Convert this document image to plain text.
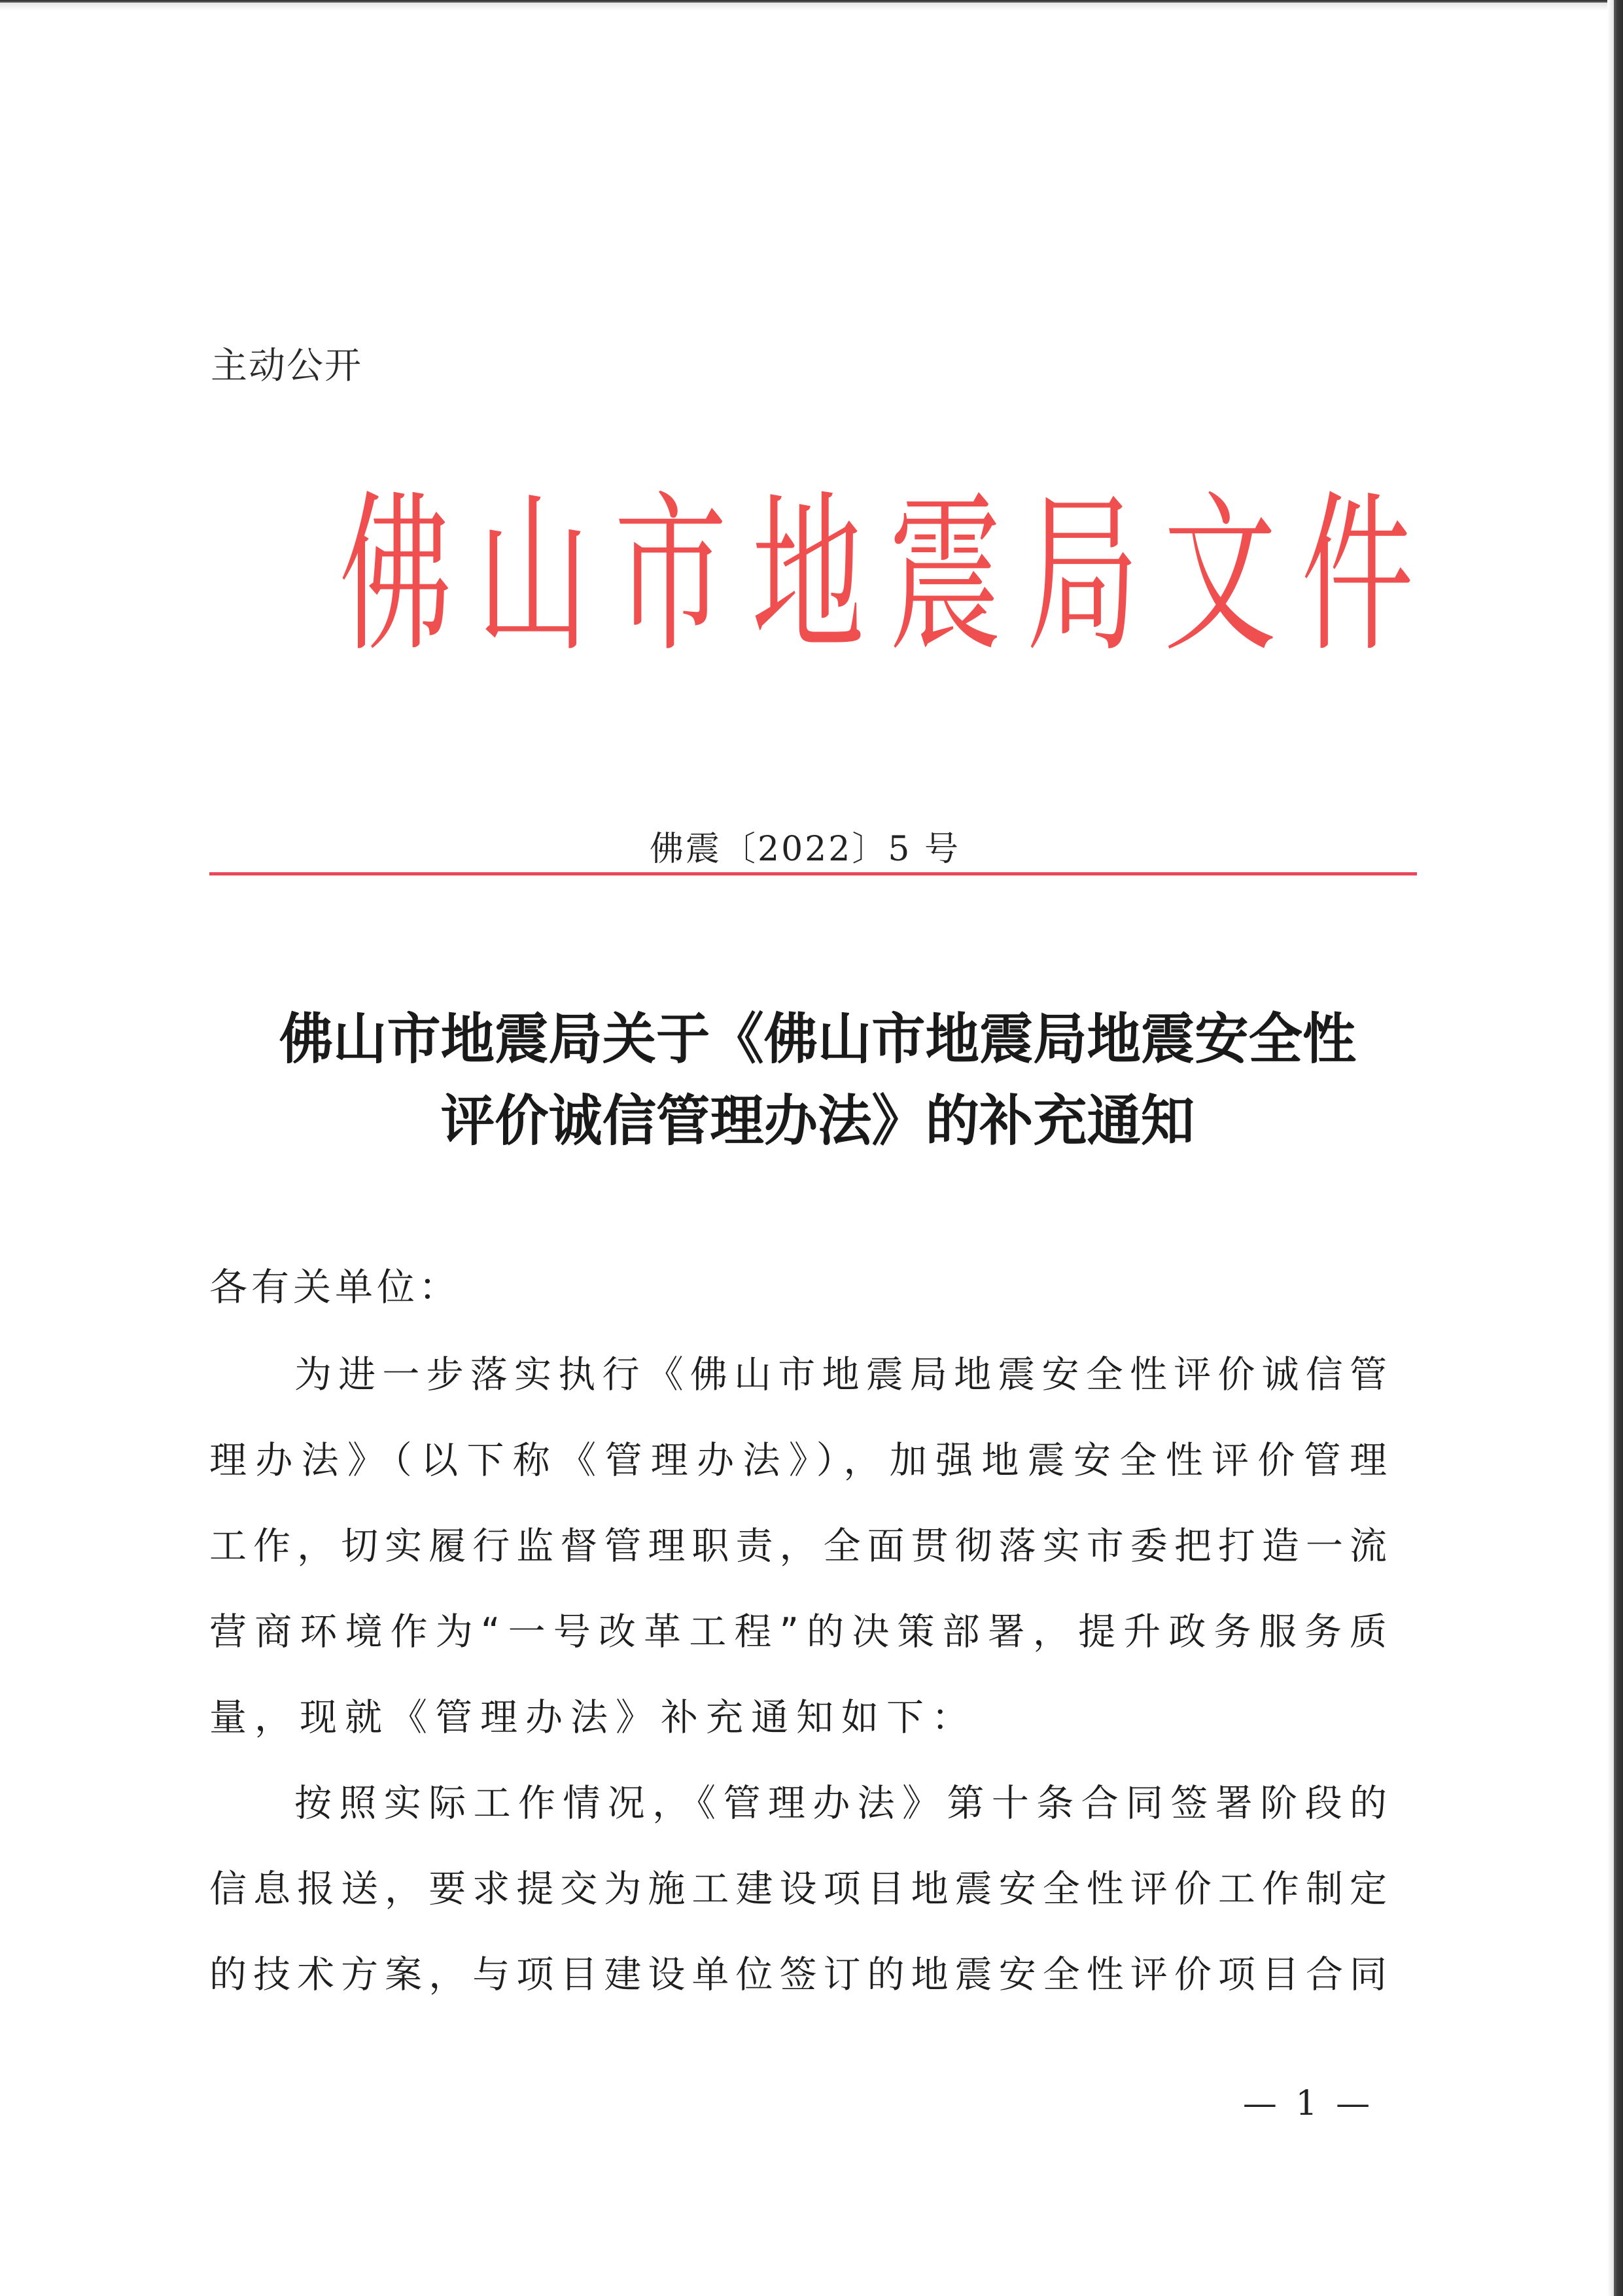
主动公开
佛 山 市 地 震 局 文 件
佛震〔2022〕5 号
佛山市地震局关于《佛山市地震局地震安全性
评价诚信管理办法》的补充通知
各有关单位：
为进一步落实执行《佛山市地震局地震安全性评价诚信管
理办法》（以下称《管理办法》），加强地震安全性评价管理
工作，切实履行监督管理职责，全面贯彻落实市委把打造一流
营商环境作为“一号改革工程”的决策部署，提升政务服务质
量，现就《管理办法》补充通知如下：
按照实际工作情况，《管理办法》第十条合同签署阶段的
信息报送，要求提交为施工建设项目地震安全性评价工作制定
的技术方案，与项目建设单位签订的地震安全性评价项目合同
— 1 —
